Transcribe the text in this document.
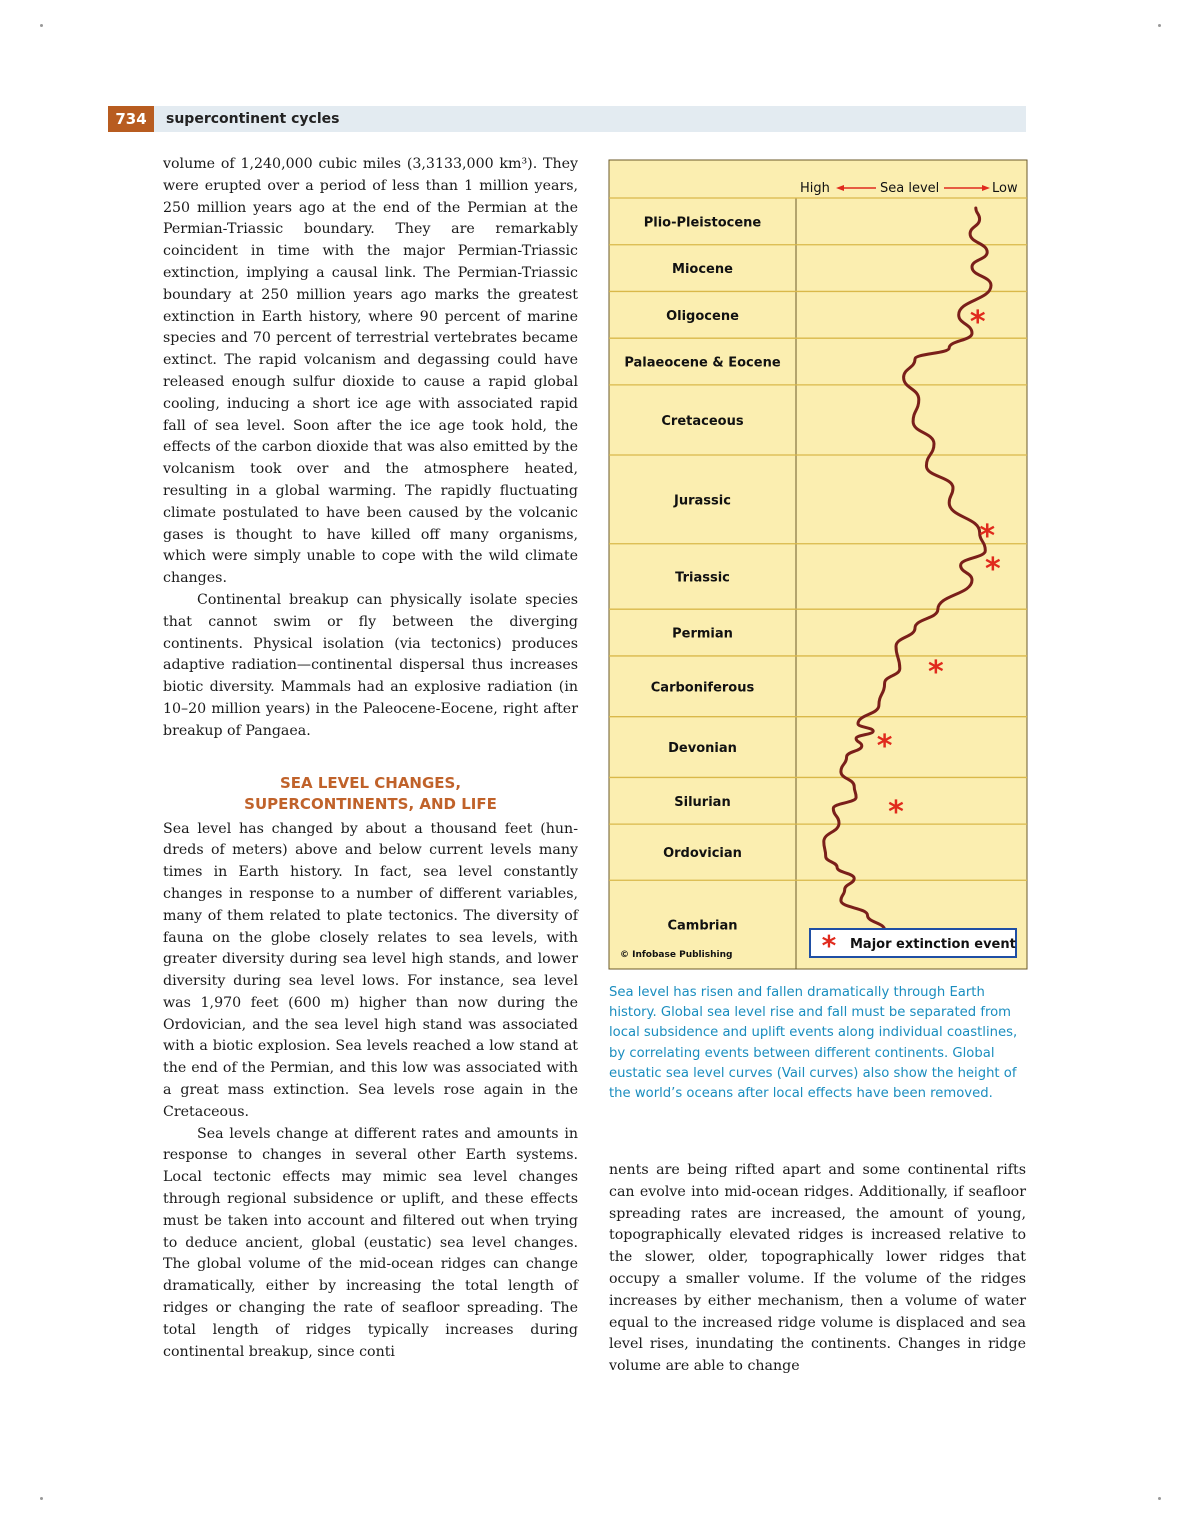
734	supercontinent cycles

volume of 1,240,000 cubic miles (3,3133,000 km³). They were erupted over a period of less than 1 million years, 250 million years ago at the end of the Permian at the Permian-Triassic boundary. They are remarkably coincident in time with the major Permian-Triassic extinction, implying a causal link. The Permian-Triassic boundary at 250 million years ago marks the greatest extinction in Earth history, where 90 percent of marine species and 70 percent of terrestrial vertebrates became extinct. The rapid volcanism and degassing could have released enough sulfur dioxide to cause a rapid global cooling, inducing a short ice age with associated rapid fall of sea level. Soon after the ice age took hold, the effects of the carbon dioxide that was also emitted by the volcanism took over and the atmosphere heated, resulting in a global warming. The rapidly fluctuating climate postulated to have been caused by the volcanic gases is thought to have killed off many organisms, which were simply unable to cope with the wild climate changes.

Continental breakup can physically isolate species that cannot swim or fly between the diverging continents. Physical isolation (via tectonics) produces adaptive radiation—continental dispersal thus increases biotic diversity. Mammals had an explosive radiation (in 10–20 million years) in the Paleocene-Eocene, right after breakup of Pangaea.

SEA LEVEL CHANGES,
SUPERCONTINENTS, AND LIFE

Sea level has changed by about a thousand feet (hundreds of meters) above and below current levels many times in Earth history. In fact, sea level constantly changes in response to a number of different variables, many of them related to plate tectonics. The diversity of fauna on the globe closely relates to sea levels, with greater diversity during sea level high stands, and lower diversity during sea level lows. For instance, sea level was 1,970 feet (600 m) higher than now during the Ordovician, and the sea level high stand was associated with a biotic explosion. Sea levels reached a low stand at the end of the Permian, and this low was associated with a great mass extinction. Sea levels rose again in the Cretaceous.

Sea levels change at different rates and amounts in response to changes in several other Earth systems. Local tectonic effects may mimic sea level changes through regional subsidence or uplift, and these effects must be taken into account and filtered out when trying to deduce ancient, global (eustatic) sea level changes. The global volume of the mid-ocean ridges can change dramatically, either by increasing the total length of ridges or changing the rate of seafloor spreading. The total length of ridges typically increases during continental breakup, since conti

High	Sea level	Low
Plio-Pleistocene
Miocene
Oligocene
Palaeocene & Eocene
Cretaceous
Jurassic
Triassic
Permian
Carboniferous
Devonian
Silurian
Ordovician
Cambrian
*
*
*
*
*
*
© Infobase Publishing	* Major extinction event

Sea level has risen and fallen dramatically through Earth history. Global sea level rise and fall must be separated from local subsidence and uplift events along individual coastlines, by correlating events between different continents. Global eustatic sea level curves (Vail curves) also show the height of the world’s oceans after local effects have been removed.

nents are being rifted apart and some continental rifts can evolve into mid-ocean ridges. Additionally, if seafloor spreading rates are increased, the amount of young, topographically elevated ridges is increased relative to the slower, older, topographically lower ridges that occupy a smaller volume. If the volume of the ridges increases by either mechanism, then a volume of water equal to the increased ridge volume is displaced and sea level rises, inundating the continents. Changes in ridge volume are able to change
